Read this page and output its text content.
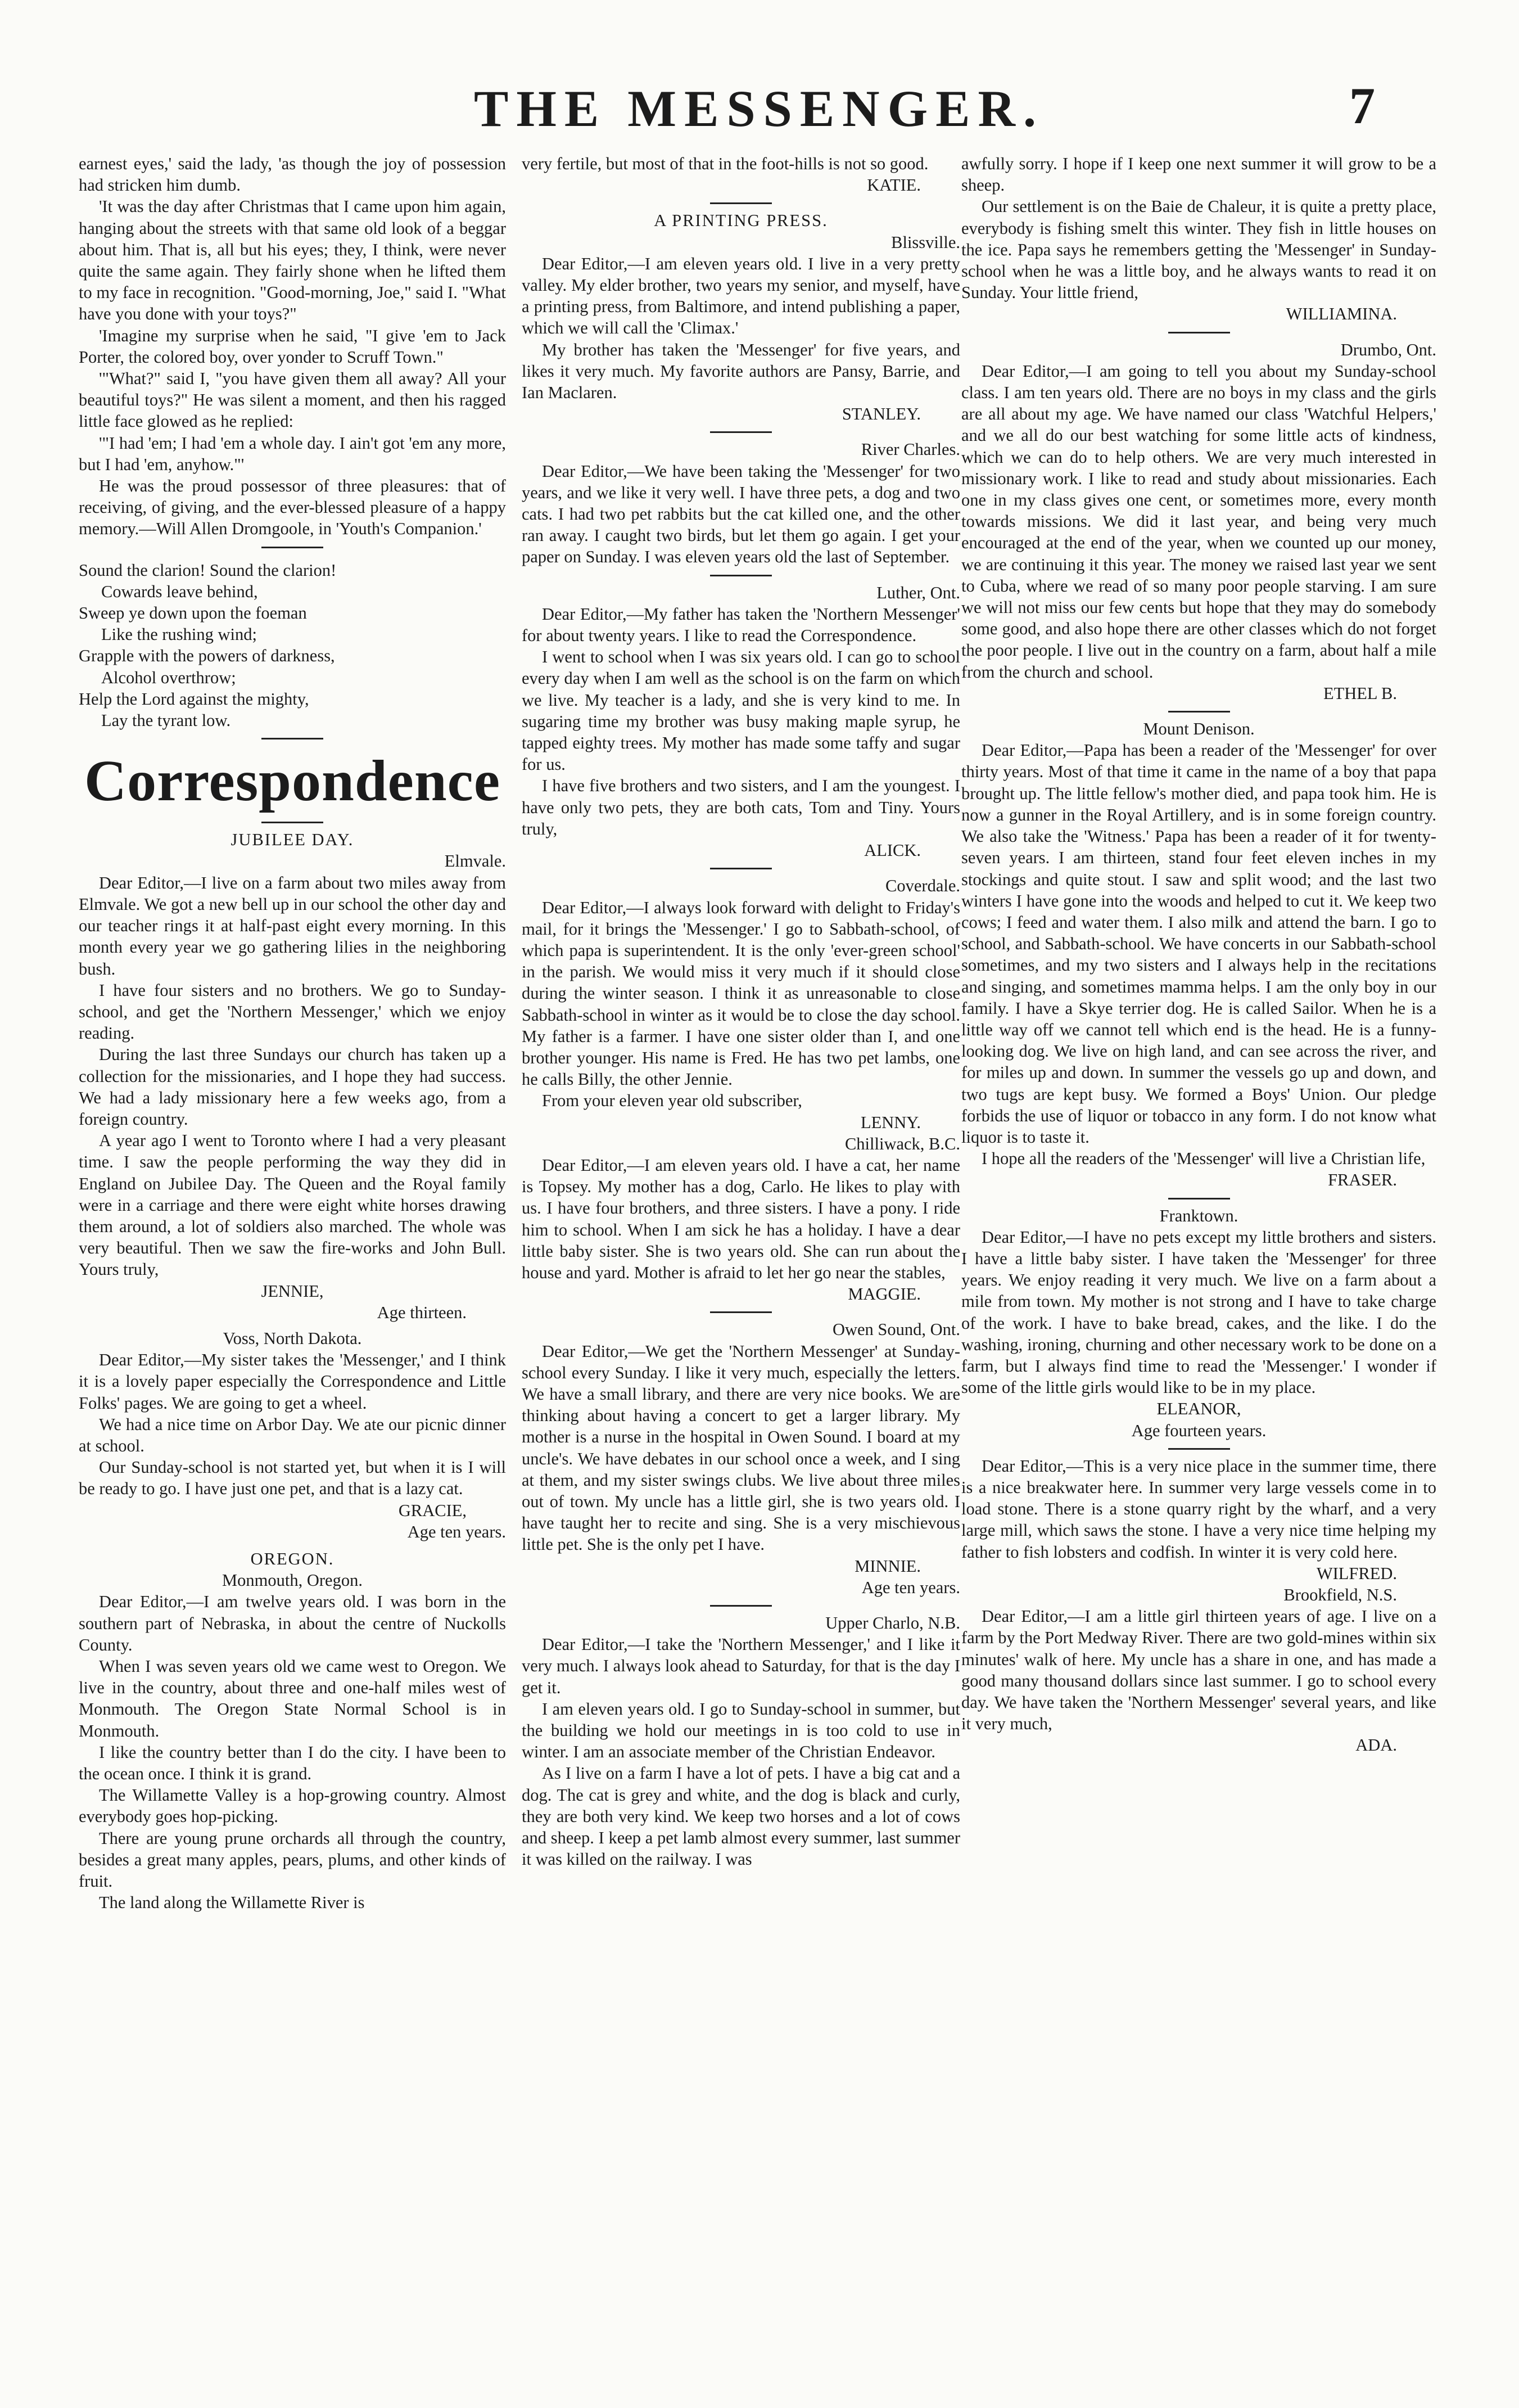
THE MESSENGER.	7

earnest eyes,' said the lady, 'as though the joy of possession had stricken him dumb.

'It was the day after Christmas that I came upon him again, hanging about the streets with that same old look of a beggar about him. That is, all but his eyes; they, I think, were never quite the same again. They fairly shone when he lifted them to my face in recognition. "Good-morning, Joe," said I. "What have you done with your toys?"

'Imagine my surprise when he said, "I give 'em to Jack Porter, the colored boy, over yonder to Scruff Town."

'"What?" said I, "you have given them all away? All your beautiful toys?" He was silent a moment, and then his ragged little face glowed as he replied:

'"I had 'em; I had 'em a whole day. I ain't got 'em any more, but I had 'em, anyhow."'

He was the proud possessor of three pleasures: that of receiving, of giving, and the ever-blessed pleasure of a happy memory.—Will Allen Dromgoole, in 'Youth's Companion.'

Sound the clarion! Sound the clarion!

Cowards leave behind,

Sweep ye down upon the foeman

Like the rushing wind;

Grapple with the powers of darkness,

Alcohol overthrow;

Help the Lord against the mighty,

Lay the tyrant low.

Correspondence

JUBILEE DAY.

Elmvale.

Dear Editor,—I live on a farm about two miles away from Elmvale. We got a new bell up in our school the other day and our teacher rings it at half-past eight every morning. In this month every year we go gathering lilies in the neighboring bush.

I have four sisters and no brothers. We go to Sunday-school, and get the 'Northern Messenger,' which we enjoy reading.

During the last three Sundays our church has taken up a collection for the missionaries, and I hope they had success. We had a lady missionary here a few weeks ago, from a foreign country.

A year ago I went to Toronto where I had a very pleasant time. I saw the people performing the way they did in England on Jubilee Day. The Queen and the Royal family were in a carriage and there were eight white horses drawing them around, a lot of soldiers also marched. The whole was very beautiful. Then we saw the fire-works and John Bull. Yours truly,

JENNIE,

Age thirteen.

Voss, North Dakota.

Dear Editor,—My sister takes the 'Messenger,' and I think it is a lovely paper especially the Correspondence and Little Folks' pages. We are going to get a wheel.

We had a nice time on Arbor Day. We ate our picnic dinner at school.

Our Sunday-school is not started yet, but when it is I will be ready to go. I have just one pet, and that is a lazy cat.

GRACIE,

Age ten years.

OREGON.

Monmouth, Oregon.

Dear Editor,—I am twelve years old. I was born in the southern part of Nebraska, in about the centre of Nuckolls County.

When I was seven years old we came west to Oregon. We live in the country, about three and one-half miles west of Monmouth. The Oregon State Normal School is in Monmouth.

I like the country better than I do the city. I have been to the ocean once. I think it is grand.

The Willamette Valley is a hop-growing country. Almost everybody goes hop-picking.

There are young prune orchards all through the country, besides a great many apples, pears, plums, and other kinds of fruit.

The land along the Willamette River is

very fertile, but most of that in the foot-hills is not so good.

KATIE.

A PRINTING PRESS.

Blissville.

Dear Editor,—I am eleven years old. I live in a very pretty valley. My elder brother, two years my senior, and myself, have a printing press, from Baltimore, and intend publishing a paper, which we will call the 'Climax.'

My brother has taken the 'Messenger' for five years, and likes it very much. My favorite authors are Pansy, Barrie, and Ian Maclaren.

STANLEY.

River Charles.

Dear Editor,—We have been taking the 'Messenger' for two years, and we like it very well. I have three pets, a dog and two cats. I had two pet rabbits but the cat killed one, and the other ran away. I caught two birds, but let them go again. I get your paper on Sunday. I was eleven years old the last of September.

Luther, Ont.

Dear Editor,—My father has taken the 'Northern Messenger' for about twenty years. I like to read the Correspondence.

I went to school when I was six years old. I can go to school every day when I am well as the school is on the farm on which we live. My teacher is a lady, and she is very kind to me. In sugaring time my brother was busy making maple syrup, he tapped eighty trees. My mother has made some taffy and sugar for us.

I have five brothers and two sisters, and I am the youngest. I have only two pets, they are both cats, Tom and Tiny. Yours truly,

ALICK.

Coverdale.

Dear Editor,—I always look forward with delight to Friday's mail, for it brings the 'Messenger.' I go to Sabbath-school, of which papa is superintendent. It is the only 'ever-green school' in the parish. We would miss it very much if it should close during the winter season. I think it as unreasonable to close Sabbath-school in winter as it would be to close the day school. My father is a farmer. I have one sister older than I, and one brother younger. His name is Fred. He has two pet lambs, one he calls Billy, the other Jennie.

From your eleven year old subscriber,

LENNY.

Chilliwack, B.C.

Dear Editor,—I am eleven years old. I have a cat, her name is Topsey. My mother has a dog, Carlo. He likes to play with us. I have four brothers, and three sisters. I have a pony. I ride him to school. When I am sick he has a holiday. I have a dear little baby sister. She is two years old. She can run about the house and yard. Mother is afraid to let her go near the stables,

MAGGIE.

Owen Sound, Ont.

Dear Editor,—We get the 'Northern Messenger' at Sunday-school every Sunday. I like it very much, especially the letters. We have a small library, and there are very nice books. We are thinking about having a concert to get a larger library. My mother is a nurse in the hospital in Owen Sound. I board at my uncle's. We have debates in our school once a week, and I sing at them, and my sister swings clubs. We live about three miles out of town. My uncle has a little girl, she is two years old. I have taught her to recite and sing. She is a very mischievous little pet. She is the only pet I have.

MINNIE.

Age ten years.

Upper Charlo, N.B.

Dear Editor,—I take the 'Northern Messenger,' and I like it very much. I always look ahead to Saturday, for that is the day I get it.

I am eleven years old. I go to Sunday-school in summer, but the building we hold our meetings in is too cold to use in winter. I am an associate member of the Christian Endeavor.

As I live on a farm I have a lot of pets. I have a big cat and a dog. The cat is grey and white, and the dog is black and curly, they are both very kind. We keep two horses and a lot of cows and sheep. I keep a pet lamb almost every summer, last summer it was killed on the railway. I was

awfully sorry. I hope if I keep one next summer it will grow to be a sheep.

Our settlement is on the Baie de Chaleur, it is quite a pretty place, everybody is fishing smelt this winter. They fish in little houses on the ice. Papa says he remembers getting the 'Messenger' in Sunday-school when he was a little boy, and he always wants to read it on Sunday. Your little friend,

WILLIAMINA.

Drumbo, Ont.

Dear Editor,—I am going to tell you about my Sunday-school class. I am ten years old. There are no boys in my class and the girls are all about my age. We have named our class 'Watchful Helpers,' and we all do our best watching for some little acts of kindness, which we can do to help others. We are very much interested in missionary work. I like to read and study about missionaries. Each one in my class gives one cent, or sometimes more, every month towards missions. We did it last year, and being very much encouraged at the end of the year, when we counted up our money, we are continuing it this year. The money we raised last year we sent to Cuba, where we read of so many poor people starving. I am sure we will not miss our few cents but hope that they may do somebody some good, and also hope there are other classes which do not forget the poor people. I live out in the country on a farm, about half a mile from the church and school.

ETHEL B.

Mount Denison.

Dear Editor,—Papa has been a reader of the 'Messenger' for over thirty years. Most of that time it came in the name of a boy that papa brought up. The little fellow's mother died, and papa took him. He is now a gunner in the Royal Artillery, and is in some foreign country. We also take the 'Witness.' Papa has been a reader of it for twenty-seven years. I am thirteen, stand four feet eleven inches in my stockings and quite stout. I saw and split wood; and the last two winters I have gone into the woods and helped to cut it. We keep two cows; I feed and water them. I also milk and attend the barn. I go to school, and Sabbath-school. We have concerts in our Sabbath-school sometimes, and my two sisters and I always help in the recitations and singing, and sometimes mamma helps. I am the only boy in our family. I have a Skye terrier dog. He is called Sailor. When he is a little way off we cannot tell which end is the head. He is a funny-looking dog. We live on high land, and can see across the river, and for miles up and down. In summer the vessels go up and down, and two tugs are kept busy. We formed a Boys' Union. Our pledge forbids the use of liquor or tobacco in any form. I do not know what liquor is to taste it.

I hope all the readers of the 'Messenger' will live a Christian life,

FRASER.

Franktown.

Dear Editor,—I have no pets except my little brothers and sisters. I have a little baby sister. I have taken the 'Messenger' for three years. We enjoy reading it very much. We live on a farm about a mile from town. My mother is not strong and I have to take charge of the work. I have to bake bread, cakes, and the like. I do the washing, ironing, churning and other necessary work to be done on a farm, but I always find time to read the 'Messenger.' I wonder if some of the little girls would like to be in my place.

ELEANOR,

Age fourteen years.

Dear Editor,—This is a very nice place in the summer time, there is a nice breakwater here. In summer very large vessels come in to load stone. There is a stone quarry right by the wharf, and a very large mill, which saws the stone. I have a very nice time helping my father to fish lobsters and codfish. In winter it is very cold here.

WILFRED.

Brookfield, N.S.

Dear Editor,—I am a little girl thirteen years of age. I live on a farm by the Port Medway River. There are two gold-mines within six minutes' walk of here. My uncle has a share in one, and has made a good many thousand dollars since last summer. I go to school every day. We have taken the 'Northern Messenger' several years, and like it very much,

ADA.
